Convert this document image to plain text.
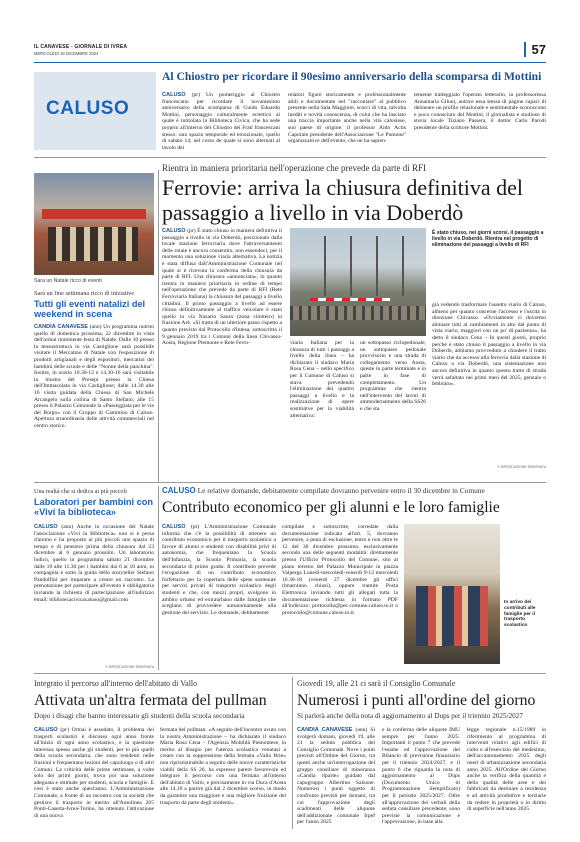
IL CANAVESE - GIORNALE DI IVREA
MERCOLEDÌ 18 DICEMBRE 2024	57
CALUSO
Al Chiostro per ricordare il 90esimo anniversario della scomparsa di Mottini
CALUSO (pr) Un pomeriggio al Chiostro francescano per ricordare il novantesimo anniversario della scomparsa di Guido Edoardo Mottini, personaggio culturalmente eclettico al quale è intitolata la Biblioteca Civica, che ha sede proprio all'interno del Chiostro dei Frati francescani stesso: uno spazio temporale ed emozionale, quello di sabato 14, nel corso de quale si sono alternati al tavolo dei
relatori figure storicamente e professionalmente abili e documentate nel "raccontare" al pubblico presente nella Sala Maggiore, scorci di vita, talvolta inediti e novità conoscenza, di colui che ha lasciato una traccia importante anche nella vita calusiese, suo paese di origine: il professor Aldo Actis Caporale presidente dell'Associazione "Le Pumone" organizzatrice dell'evento, che ne ha sapien-
temente tratteggiato l'operato letterario, la professoressa Annamaria Giluni, autrice essa stessa di pagine capaci di delineare un profilo relazionale e sentimentale sconosciuto e poco conosciuto del Mottini, il giornalista e studioso di storia locale Tiziano Passera, il dottor Carlo Parodi presidente della scrittore Mottini.
Rientra in maniera prioritaria nell'operazione che prevede da parte di RFI
Ferrovie: arriva la chiusura definitiva del passaggio a livello in via Doberdò
Sara un Natale ricco di eventi
Sarà un fine settimana ricco di iniziative
Tutti gli eventi natalizi del weekend in scena
CANDIA CANAVESE (ann) Un programma nutrito quello di domenica prossima, 22 dicembre in vista dell'ormai imminente festa di Natale. Dalle 10 presso la tensostruttura in via Castiglione sarà possibile visitare il Mercatino di Natale con l'esposizione di prodotti artigianali e degli espositori, mercatini dei bambini delle scuole e delle "Nonne della panchina". Inoltre, in orario 10.30-12 e 14.30-16 sarà visitabile la mostra del Presepi presso la Chiesa dell'Immacolata in via Castiglione; dalle 14.30 alle 16 visita guidata della Chiesa di San Michele Arcangelo sulla collina di Santo Stefano; alle 15 presso il Palazzo Comunale la «Passeggiata per le vie del Borgo» con il Gruppo di Cammino di Caluso. Apertura straordinaria delle attività commerciali nel centro storico.
CALUSO (pr) È stato chiuso in maniera definitiva il passaggio a livello in via Doberdò, posizionato dalla locale stazione ferroviaria dove l'attraversamento delle rotaie è ancora consentito, non essendoci, per il momento una soluzione viaria alternativa. La notizia è stata diffusa dall'Amministrazione Comunale nel quale si è ricevuta la conferma della chiusura da parte di RFI. Una chiusura «annunciata», in quanto rientra in maniera prioritaria in ordine di tempo nell'operazione che prevede da parte di RFI (Rete Ferroviaria Italiana) la chiusura del passaggi a livello cittadini. Il primo passaggio a livello ad essere chiuso definitivamente al traffico veicolare è stato quello in via Nazario Sauro (zona cimitero) in frazione Arè. «Si tratta di un ulteriore passo rispetto a quanto previsto dal Protocollo d'Intesa, sottoscritto il 9 gennaio 2019 tra i Comuni della linea Chivasso-Aosta, Regione Piemonte e Rete Ferro-
È stato chiuso, nei giorni scorsi, il passaggio a livello in via Doberdò. Rientra nel progetto di eliminazione dei passaggi a livello di RFI
viaria Italiana per la chiusura di tutti i passaggi a livello della linea – ha dichiarato il sindaco Maria Rosa Cena – nello specifico per il Comune di Caluso si stava prevedendo l'eliminazione dei quattro passaggi a livello e la realizzazione di opere sostitutive per la viabilità alternativa:
un sottopasso ciclopedonale, un sottopasso pedonale provvisorio e una strada di collegamento verso Aosta, queste in parte terminate e in parte in fase di completamento. Un programma che rientra nell'intervento del lavori di ammodernamento della SS26 e che sta
già vedendo trasformare l'assetto viario di Caluso, almeno per quanto concerne l'accesso e l'uscita in direzione Chivasso. «Ovviamente ci dovremo abituare tutti ai cambiamenti in atto dal punto di vista viario, maggiori con un po' di pazienza», ha detto il sindaco Cena – In questi giorni, proprio perché è stato chiuso il passaggio a livello in via Doberdò, abbiamo provveduto a chiudere il tratto viario che da accesso alla ferrovia dalla stazione di Caluso a via Doberdò, una sistemazione non ancora definitiva in quanto questo tratto di strada verrà asfaltato nei primi mesi del 2025, gennaio o febbraio».
© RIPRODUZIONE RISERVATA
Una realtà che si dedica ai più piccoli
Laboratori per bambini con «Viví la biblioteca»
CALUSO (ann) Anche in occasione del Natale l'associazione «Vivi la Biblioteca» non si è persa d'animo e ha proposto ai più piccoli uno spazio di tempo e di pensiero prima della chiusura dal 23 dicembre al 6 gennaio prossimi. Un laboratorio ludico, quello in programma sabato 21 dicembre dalle 10 alle 11.30 per i bambini dai 6 ai 10 anni, in compagnia e sotto la guida dello storyteller Stefano Pandolfini per imparare a creare un racconto. La prenotazione per partecipare all'evento è obbligatoria inviando la richiesta di partecipazione all'indirizzo email: bibliotecacivicacaluso@gmail.com
© RIPRODUZIONE RISERVATA
CALUSO Le relative domande, debitamente compilate dovranno pervenire entro il 30 dicembre in Comune
Contributo economico per gli alunni e le loro famiglie
CALUSO (pr) L'Amministrazione Comunale informa che c'è la possibilità di ottenere un contributo economico per il trasporto scolastico a favore di alunni e studenti con disabilità privi di autonomia, che frequentano la Scuola dell'Infanzia, la Scuola Primaria, la scuola secondaria di primo grado. Il contributo prevede l'erogazione di un contributo economico forfettario per la copertura delle spese sostenute per servizi privati di trasporto scolastico degli studenti e che, con mezzi propri, svolgono in ambito urbano ed extraurbano dalle famiglie che sceglano di provvedere autonomamente alla gestione del servizio. Le domande, debitamente
compilate e sottoscritte, corredate dalla documentazione indicata all'art. 5, dovranno pervenire, a pena di esclusione, entro e non oltre le 12 del 30 dicembre prossimo, esclusivamente secondo una delle seguenti modalità: direttamente presso l'Ufficio Protocollo del Comune, sito al piano terreno del Palazzo Municipale in piazza Valperga Lunedì-mercoledì-venerdì 9-12 mercoledì 16.30-18 (venerdì 27 dicembre gli uffici rimarranno chiusi), oppure tramite Posta Elettronica inviando tutti gli allegati tutta la documentazione richiesta in formato PDF all'indirizzo: protocollo@pec.comune.caluso.to.it o protocollo@comune.caluso.to.it.
In arrivo dei contributi alle famiglie per il trasporto scolastico
Integrato il percorso all'interno dell'abitato di Vallo
Attivata un'altra fermata del pullman
Dopo i disagi che hanno interessato gli studenti della scuola secondaria
CALUSO (pr) Ormai è assodato, il problema dei trasporti scolastici è discusso ogni anno fronte all'inizio di ogni anno scolastico, e la questione interessa spesso anche gli studenti, per lo più quelli della scuola secondaria, che sono residenti nelle frazioni e frequentano lezioni del capoluogo o di altri Comuni. La criticità delle prime settimane, a volte solo dei primi giorni, trova poi una soluzione adeguata e ottimale per studenti, scuola e famiglie. E così è stato anche quest'anno. L'Amministrazione Comunale, a fronte di un incontro con la società che gestisce il trasporto in merito all'Autolinea 265 Ponti-Caserta-Ivrea-Torino, ha ottenuto l'attivazione di una nuova
fermata del pullman. «A seguito dell'incontro avuto con la nostra Amministrazione – ha dichiarato il sindaco Maria Rosa Cena – l'Agenzia Mobilità Piemontese, in merito al disagio per l'utenza scolastica venutasi a creare con la soppressione della fermata «Vallo Brie» non riprististinabile a seguito delle nuove caratteristiche viabili della SS 26, ha espresso parere favorevole ed integrare il percorso con una fermata all'interno dell'abitato di Vallo, e precisamente in via Duca d'Aosta alle 14.10 a partire già dal 2 dicembre scorso, in modo da garantire una maggiore e una migliore fruizione del trasporto da parte degli studenti».
Giovedì 19, alle 21 ci sarà il Consiglio Comunale
Numerosi i punti all'ordine del giorno
Si parlerà anche della nota di aggiornamento al Dups per il triennio 2025/2027
CANDIA CANAVESE (ann) Si svolgerà domani, giovedì 19, alle 21 la seduta pubblica del Consiglio Comunale. Nove i punti previsti all'Ordine del Giorno, tra questi anche un'interrogazione del gruppo consiliare di minoranza «Candia riparte» guidato dal capogruppo Albertino Salzone. Numerosi i punti oggetto di confronto previsti per domani, tra cui l'approvazione degli scadimenti delle aliquote dell'addizionale comunale Irpef per l'anno 2025
e la conferma delle aliquote IMU sempre per l'anno 2025. Importanti il punto 7 che prevede l'esame ed l'approvazione del Bilancio di previsione finanziario per il triennio 2024/2027, e il punto 6 che riguarda la nota di aggiornamento al Dups (Documento Unico di Programmazione Semplificato) per il periodo 2025/2027. Oltre all'approvazione dei verbali della seduta consiliare precedente, sono previste la comunicazione e l'approvazione, in base alla
legge regionale n.15/1989 in riferimento al programma di interventi relativi agli edifici di culto e all'esercizio del medesimo, dell'accantonamento 2025 degli oneri di urbanizzazione secondaria anno 2025. All'Ordine del Giorno anche la verifica della quantità e della qualità delle aree e dei fabbricati da destinare a residenza e ad attività produttive e terziarie da cedere in proprietà o in diritto di superficie nell'anno 2025.
